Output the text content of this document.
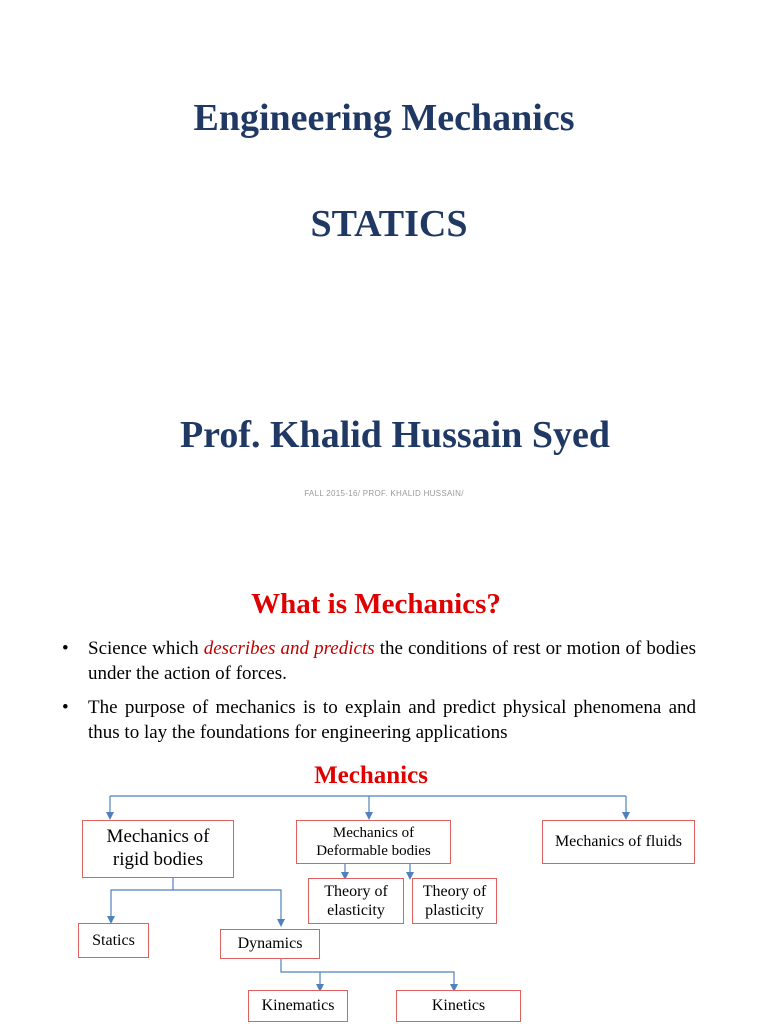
Engineering Mechanics
STATICS
Prof. Khalid Hussain Syed
FALL 2015-16/ PROF. KHALID HUSSAIN/
What is Mechanics?
• Science which describes and predicts the conditions of rest or motion of bodies under the action of forces.
• The purpose of mechanics is to explain and predict physical phenomena and thus to lay the foundations for engineering applications
Mechanics
Mechanics of rigid bodies
Mechanics of Deformable bodies
Mechanics of fluids
Theory of elasticity
Theory of plasticity
Statics	Dynamics
Kinematics	Kinetics
